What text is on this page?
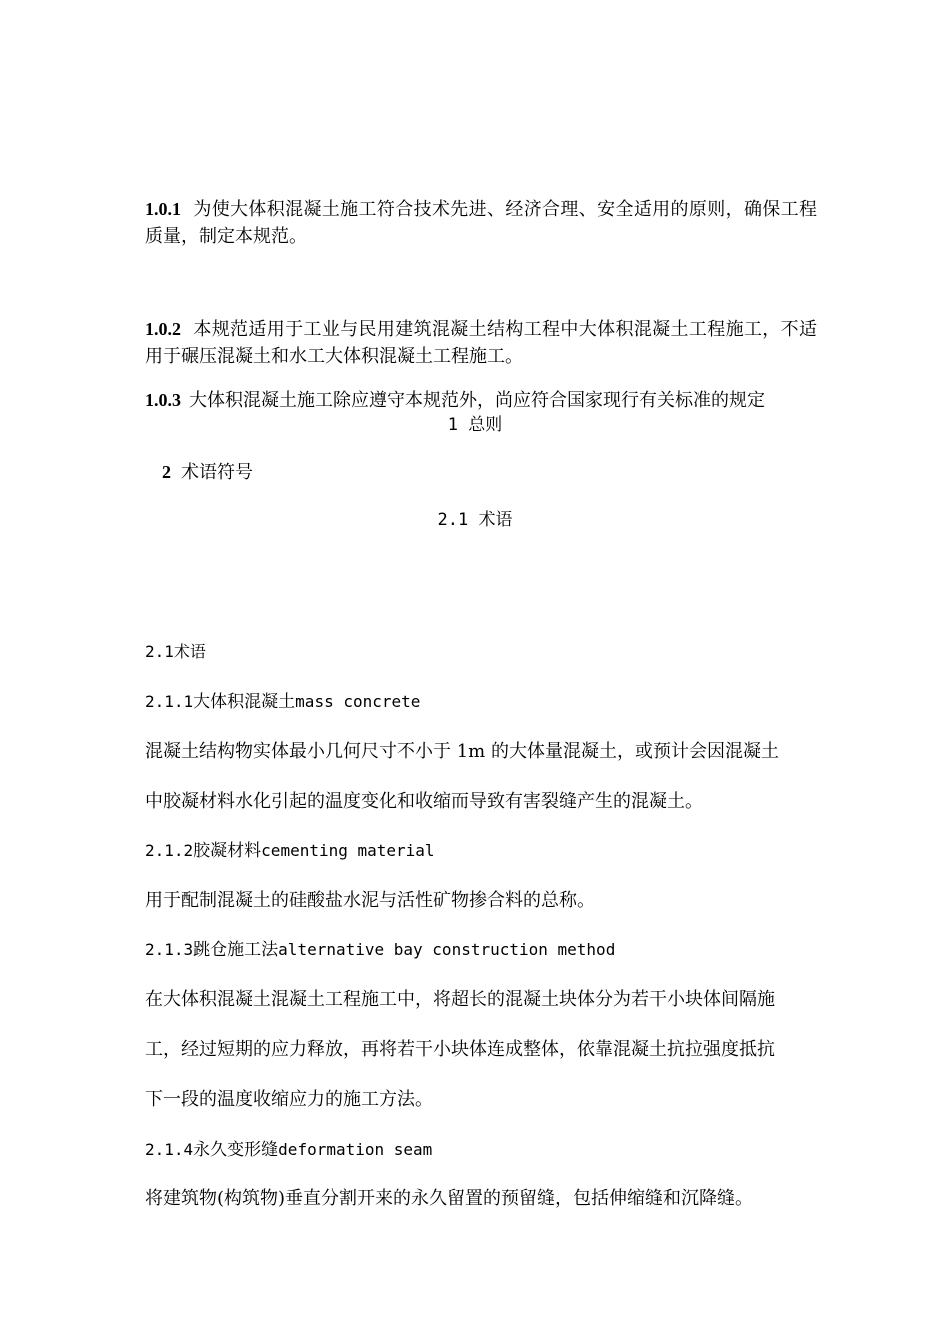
1.0.1 为使大体积混凝土施工符合技术先进、经济合理、安全适用的原则，确保工程质量，制定本规范。

1.0.2 本规范适用于工业与民用建筑混凝土结构工程中大体积混凝土工程施工，不适用于碾压混凝土和水工大体积混凝土工程施工。

1.0.3 大体积混凝土施工除应遵守本规范外，尚应符合国家现行有关标准的规定

1 总则
2 术语符号
2.1 术语
2.1术语
2.1.1大体积混凝土mass concrete
混凝土结构物实体最小几何尺寸不小于 1m 的大体量混凝土，或预计会因混凝土
中胶凝材料水化引起的温度变化和收缩而导致有害裂缝产生的混凝土。
2.1.2胶凝材料cementing material
用于配制混凝土的硅酸盐水泥与活性矿物掺合料的总称。
2.1.3跳仓施工法alternative bay construction method
在大体积混凝土混凝土工程施工中，将超长的混凝土块体分为若干小块体间隔施
工，经过短期的应力释放，再将若干小块体连成整体，依靠混凝土抗拉强度抵抗
下一段的温度收缩应力的施工方法。
2.1.4永久变形缝deformation seam
将建筑物(构筑物)垂直分割开来的永久留置的预留缝，包括伸缩缝和沉降缝。
